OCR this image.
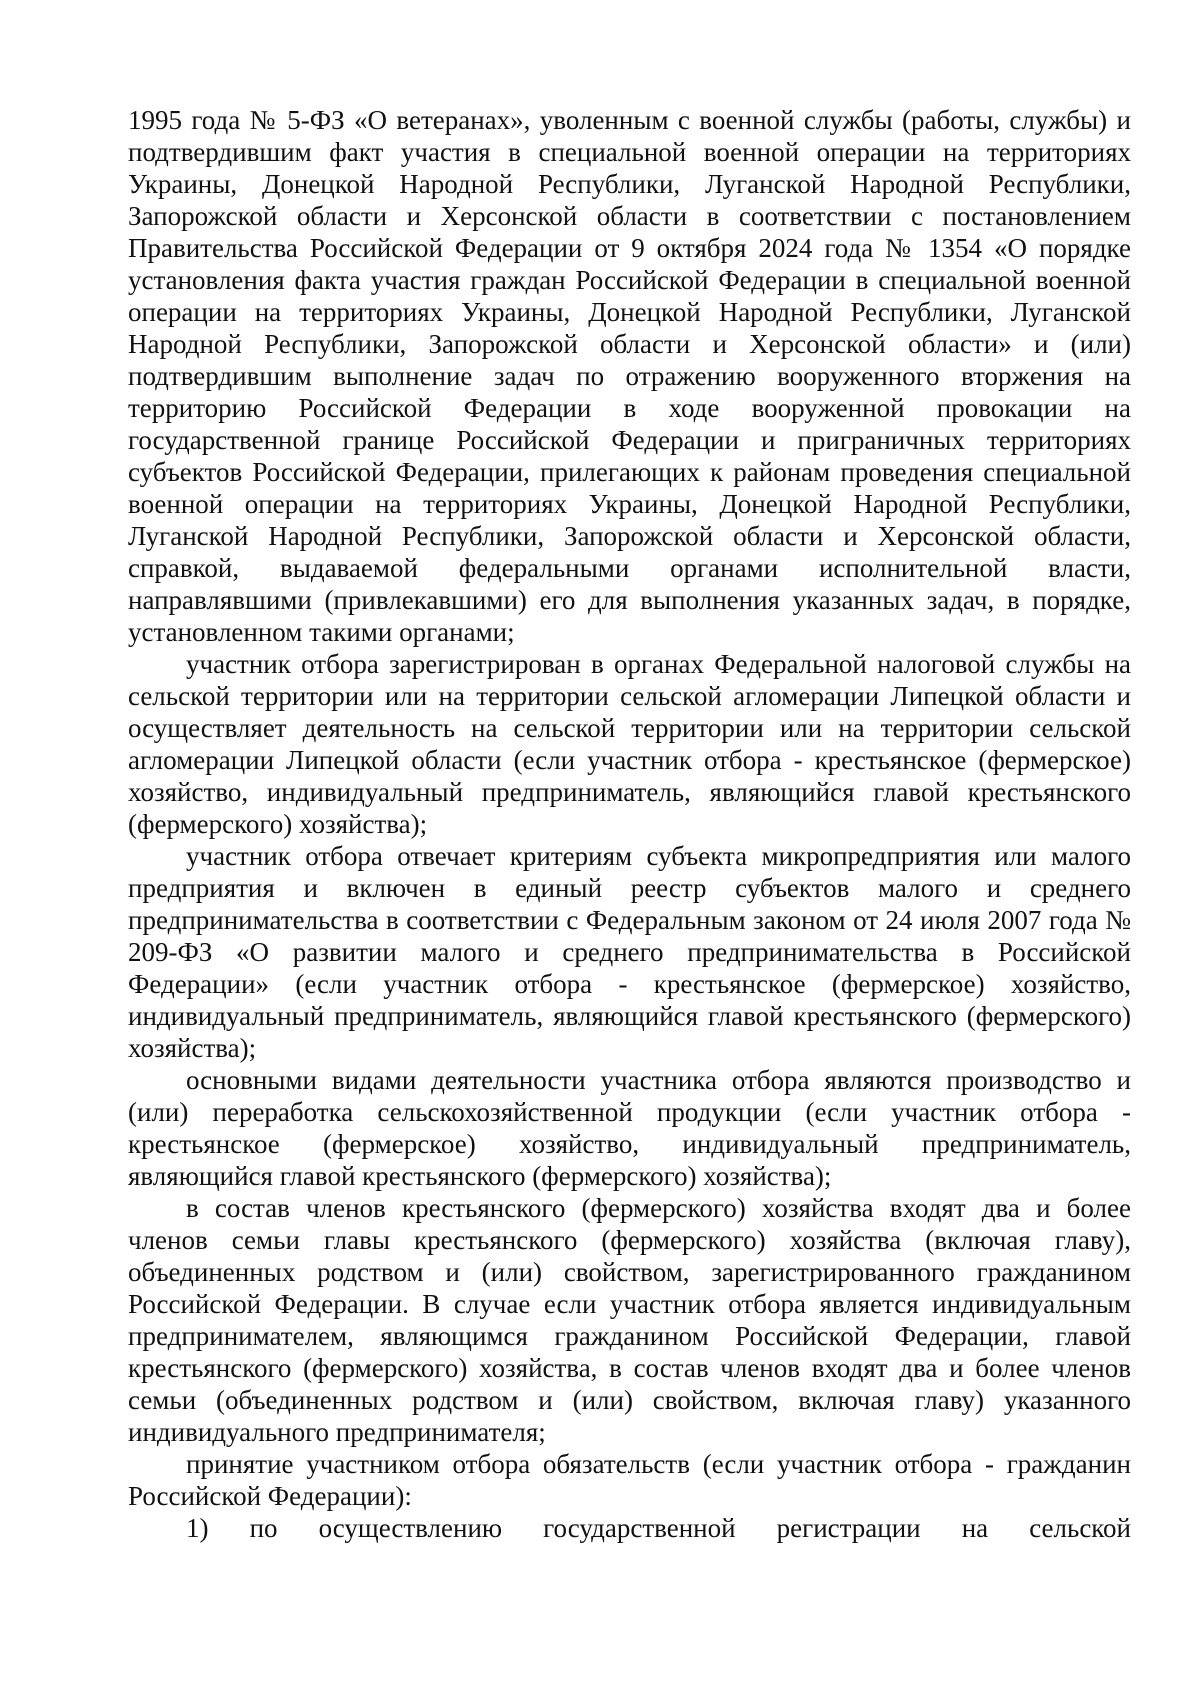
1995 года № 5-ФЗ «О ветеранах», уволенным с военной службы (работы, службы) и подтвердившим факт участия в специальной военной операции на территориях Украины, Донецкой Народной Республики, Луганской Народной Республики, Запорожской области и Херсонской области в соответствии с постановлением Правительства Российской Федерации от 9 октября 2024 года № 1354 «О порядке установления факта участия граждан Российской Федерации в специальной военной операции на территориях Украины, Донецкой Народной Республики, Луганской Народной Республики, Запорожской области и Херсонской области» и (или) подтвердившим выполнение задач по отражению вооруженного вторжения на территорию Российской Федерации в ходе вооруженной провокации на государственной границе Российской Федерации и приграничных территориях субъектов Российской Федерации, прилегающих к районам проведения специальной военной операции на территориях Украины, Донецкой Народной Республики, Луганской Народной Республики, Запорожской области и Херсонской области, справкой, выдаваемой федеральными органами исполнительной власти, направлявшими (привлекавшими) его для выполнения указанных задач, в порядке, установленном такими органами;

участник отбора зарегистрирован в органах Федеральной налоговой службы на сельской территории или на территории сельской агломерации Липецкой области и осуществляет деятельность на сельской территории или на территории сельской агломерации Липецкой области (если участник отбора - крестьянское (фермерское) хозяйство, индивидуальный предприниматель, являющийся главой крестьянского (фермерского) хозяйства);

участник отбора отвечает критериям субъекта микропредприятия или малого предприятия и включен в единый реестр субъектов малого и среднего предпринимательства в соответствии с Федеральным законом от 24 июля 2007 года № 209-ФЗ «О развитии малого и среднего предпринимательства в Российской Федерации» (если участник отбора - крестьянское (фермерское) хозяйство, индивидуальный предприниматель, являющийся главой крестьянского (фермерского) хозяйства);

основными видами деятельности участника отбора являются производство и (или) переработка сельскохозяйственной продукции (если участник отбора - крестьянское (фермерское) хозяйство, индивидуальный предприниматель, являющийся главой крестьянского (фермерского) хозяйства);

в состав членов крестьянского (фермерского) хозяйства входят два и более членов семьи главы крестьянского (фермерского) хозяйства (включая главу), объединенных родством и (или) свойством, зарегистрированного гражданином Российской Федерации. В случае если участник отбора является индивидуальным предпринимателем, являющимся гражданином Российской Федерации, главой крестьянского (фермерского) хозяйства, в состав членов входят два и более членов семьи (объединенных родством и (или) свойством, включая главу) указанного индивидуального предпринимателя;

принятие участником отбора обязательств (если участник отбора - гражданин Российской Федерации):

1) по осуществлению государственной регистрации на сельской
